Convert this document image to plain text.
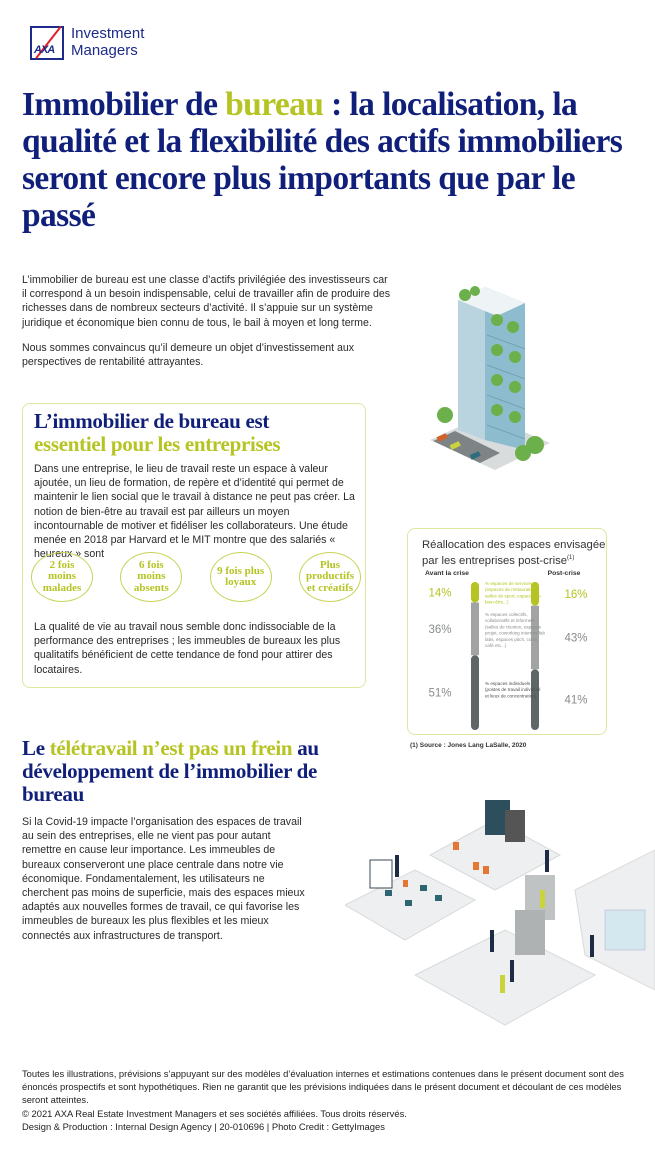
AXA
Investment
Managers
Immobilier de bureau : la localisation, la qualité et la flexibilité des actifs immobiliers seront encore plus importants que par le passé

L’immobilier de bureau est une classe d’actifs privilégiée des investisseurs car il correspond à un besoin indispensable, celui de travailler afin de produire des richesses dans de nombreux secteurs d’activité. Il s’appuie sur un système juridique et économique bien connu de tous, le bail à moyen et long terme.

Nous sommes convaincus qu’il demeure un objet d’investissement aux perspectives de rentabilité attrayantes.

L’immobilier de bureau est
essentiel pour les entreprises

Dans une entreprise, le lieu de travail reste un espace à valeur ajoutée, un lieu de formation, de repère et d’identité qui permet de maintenir le lien social que le travail à distance ne peut pas créer. La notion de bien-être au travail est par ailleurs un moyen incontournable de motiver et fidéliser les collaborateurs. Une étude menée en 2018 par Harvard et le MIT montre que des salariés « heureux » sont

2 fois moins malades
6 fois moins absents
9 fois plus loyaux
Plus productifs et créatifs

La qualité de vie au travail nous semble donc indissociable de la performance des entreprises ; les immeubles de bureaux les plus qualitatifs bénéficient de cette tendance de fond pour attirer des locataires.

Avant la crise
14%
36%
51%
Post-crise
16%
43%
41%
% espaces de services : (espaces de restauration, salles de sport, espaces de bien-être...)
% espaces collectifs, collaboratifs et informels : (salles de réunion, espaces projet, coworking internes fab labs, espaces pitch, coins café etc...)
% espaces individuels : (postes de travail individuel et lieux de concentration)
Réallocation des espaces envisagée par les entreprises post-crise$^{(1)}$
(1) Source : Jones Lang LaSalle, 2020
Le télétravail n’est pas un frein au développement de l’immobilier de bureau

Si la Covid-19 impacte l’organisation des espaces de travail au sein des entreprises, elle ne vient pas pour autant remettre en cause leur importance. Les immeubles de bureaux conserveront une place centrale dans notre vie économique. Fondamentalement, les utilisateurs ne cherchent pas moins de superficie, mais des espaces mieux adaptés aux nouvelles formes de travail, ce qui favorise les immeubles de bureaux les plus flexibles et les mieux connectés aux infrastructures de transport.

Toutes les illustrations, prévisions s’appuyant sur des modèles d’évaluation internes et estimations contenues dans le présent document sont des énoncés prospectifs et sont hypothétiques. Rien ne garantit que les prévisions indiquées dans le présent document et découlant de ces modèles seront atteintes.

© 2021 AXA Real Estate Investment Managers et ses sociétés affiliées. Tous droits réservés.

Design & Production : Internal Design Agency | 20-010696 | Photo Credit : GettyImages
